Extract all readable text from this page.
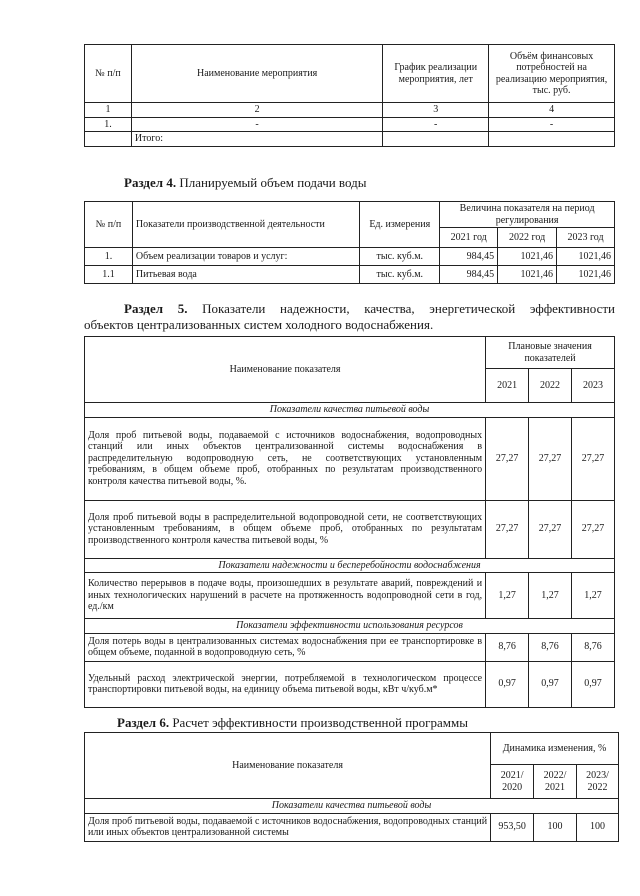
№ п/п	Наименование мероприятия	График реализации мероприятия, лет	Объём финансовых потребностей на реализацию мероприятия, тыс. руб.
1	2	3	4
1.	-	-	-
	Итого:		
Раздел 4. Планируемый объем подачи воды
№ п/п	Показатели производственной деятельности	Ед. измерения	Величина показателя на период регулирования		
			2021 год	2022 год	2023 год
1.	Объем реализации товаров и услуг:	тыс. куб.м.	984,45	1021,46	1021,46
1.1	Питьевая вода	тыс. куб.м.	984,45	1021,46	1021,46
Раздел 5. Показатели надежности, качества, энергетической эффективности
объектов централизованных систем холодного водоснабжения.
Наименование показателя	Плановые значения показателей		
	2021	2022	2023
Показатели качества питьевой воды			
Доля проб питьевой воды, подаваемой с источников водоснабжения, водопроводных станций или иных объектов централизованной системы водоснабжения в распределительную водопроводную сеть, не соответствующих установленным требованиям, в общем объеме проб, отобранных по результатам производственного контроля качества питьевой воды, %.	27,27	27,27	27,27
Доля проб питьевой воды в распределительной водопроводной сети, не соответствующих установленным требованиям, в общем объеме проб, отобранных по результатам производственного контроля качества питьевой воды, %	27,27	27,27	27,27
Показатели надежности и бесперебойности водоснабжения			
Количество перерывов в подаче воды, произошедших в результате аварий, повреждений и иных технологических нарушений в расчете на протяженность водопроводной сети в год, ед./км	1,27	1,27	1,27
Показатели эффективности использования ресурсов			
Доля потерь воды в централизованных системах водоснабжения при ее транспортировке в общем объеме, поданной в водопроводную сеть, %	8,76	8,76	8,76
Удельный расход электрической энергии, потребляемой в технологическом процессе транспортировки питьевой воды, на единицу объема питьевой воды, кВт ч/куб.м*	0,97	0,97	0,97
Раздел 6. Расчет эффективности производственной программы
Наименование показателя	Динамика изменения, %		
	2021/ 2020	2022/ 2021	2023/ 2022
Показатели качества питьевой воды			
Доля проб питьевой воды, подаваемой с источников водоснабжения, водопроводных станций или иных объектов централизованной системы	953,50	100	100
